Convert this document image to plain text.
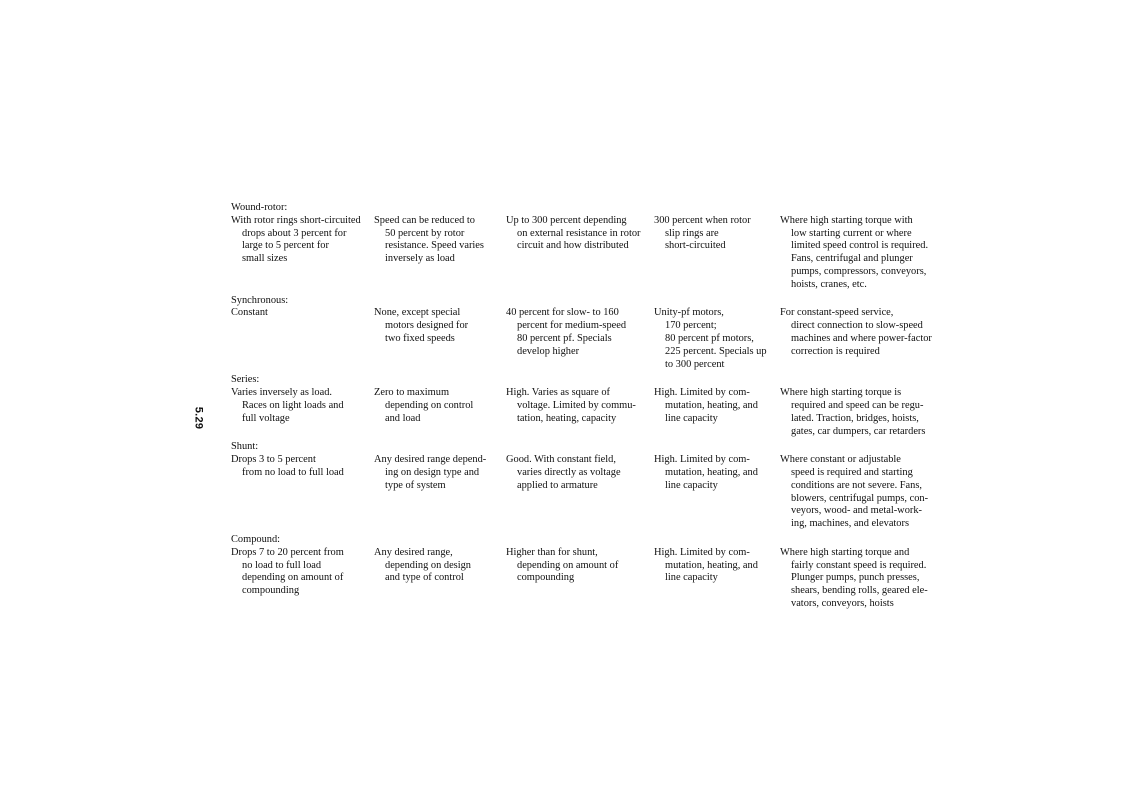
5.29
Wound-rotor:
With rotor rings short-circuited
drops about 3 percent for
large to 5 percent for
small sizes
Speed can be reduced to
50 percent by rotor
resistance. Speed varies
inversely as load
Up to 300 percent depending
on external resistance in rotor
circuit and how distributed
300 percent when rotor
slip rings are
short-circuited
Where high starting torque with
low starting current or where
limited speed control is required.
Fans, centrifugal and plunger
pumps, compressors, conveyors,
hoists, cranes, etc.
Synchronous:
Constant	None, except special
motors designed for
two fixed speeds
40 percent for slow- to 160
percent for medium-speed
80 percent pf. Specials
develop higher
Unity-pf motors,
170 percent;
80 percent pf motors,
225 percent. Specials up
to 300 percent
For constant-speed service,
direct connection to slow-speed
machines and where power-factor
correction is required
Series:
Varies inversely as load.
Races on light loads and
full voltage
Zero to maximum
depending on control
and load
High. Varies as square of
voltage. Limited by commu-
tation, heating, capacity
High. Limited by com-
mutation, heating, and
line capacity
Where high starting torque is
required and speed can be regu-
lated. Traction, bridges, hoists,
gates, car dumpers, car retarders
Shunt:
Drops 3 to 5 percent
from no load to full load
Any desired range depend-
ing on design type and
type of system
Good. With constant field,
varies directly as voltage
applied to armature
High. Limited by com-
mutation, heating, and
line capacity
Where constant or adjustable
speed is required and starting
conditions are not severe. Fans,
blowers, centrifugal pumps, con-
veyors, wood- and metal-work-
ing, machines, and elevators
Compound:
Drops 7 to 20 percent from
no load to full load
depending on amount of
compounding
Any desired range,
depending on design
and type of control
Higher than for shunt,
depending on amount of
compounding
High. Limited by com-
mutation, heating, and
line capacity
Where high starting torque and
fairly constant speed is required.
Plunger pumps, punch presses,
shears, bending rolls, geared ele-
vators, conveyors, hoists
